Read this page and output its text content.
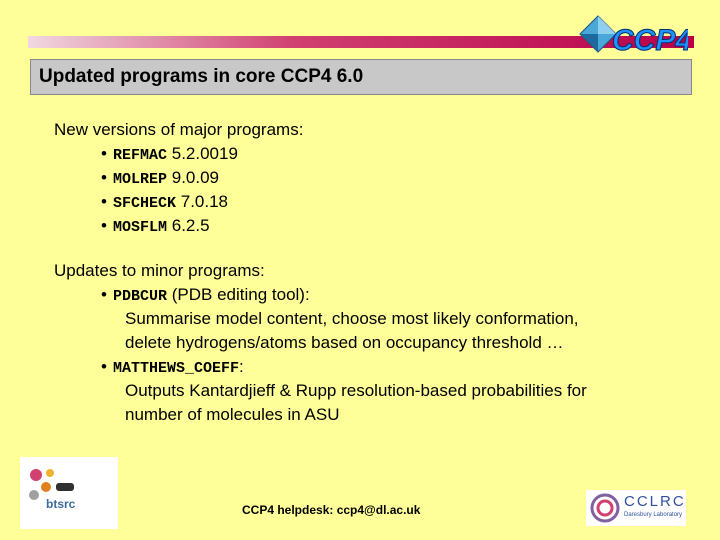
CCP4
Updated programs in core CCP4 6.0
New versions of major programs:
• REFMAC 5.2.0019
• MOLREP 9.0.09
• SFCHECK 7.0.18
• MOSFLM 6.2.5
Updates to minor programs:
• PDBCUR (PDB editing tool):
Summarise model content, choose most likely conformation,
delete hydrogens/atoms based on occupancy threshold …
• MATTHEWS_COEFF:
Outputs Kantardjieff & Rupp resolution-based probabilities for
number of molecules in ASU
btsrc	CCP4 helpdesk: ccp4@dl.ac.uk	CCLRC
Daresbury Laboratory
